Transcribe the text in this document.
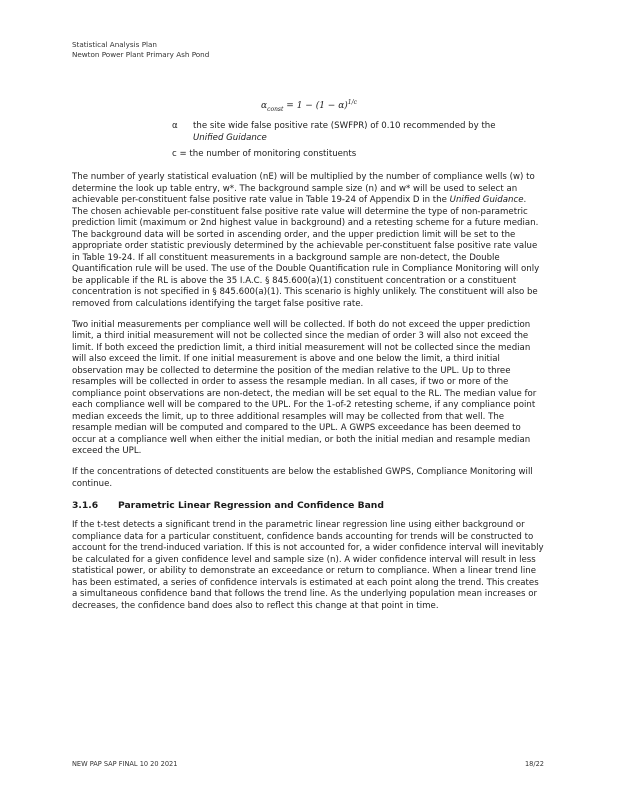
Statistical Analysis Plan
Newton Power Plant Primary Ash Pond
$\alpha_{const} = 1 - (1 - \alpha)^{1/c}$
α	the site wide false positive rate (SWFPR) of 0.10 recommended by the
Unified Guidance
c = the number of monitoring constituents

The number of yearly statistical evaluation (nE) will be multiplied by the number of compliance wells (w) to determine the look up table entry, w*. The background sample size (n) and w* will be used to select an achievable per-constituent false positive rate value in Table 19-24 of Appendix D in the Unified Guidance. The chosen achievable per-constituent false positive rate value will determine the type of non-parametric prediction limit (maximum or 2nd highest value in background) and a retesting scheme for a future median. The background data will be sorted in ascending order, and the upper prediction limit will be set to the appropriate order statistic previously determined by the achievable per-constituent false positive rate value in Table 19-24. If all constituent measurements in a background sample are non-detect, the Double Quantification rule will be used. The use of the Double Quantification rule in Compliance Monitoring will only be applicable if the RL is above the 35 I.A.C. § 845.600(a)(1) constituent concentration or a constituent concentration is not specified in § 845.600(a)(1). This scenario is highly unlikely. The constituent will also be removed from calculations identifying the target false positive rate.

Two initial measurements per compliance well will be collected. If both do not exceed the upper prediction limit, a third initial measurement will not be collected since the median of order 3 will also not exceed the limit. If both exceed the prediction limit, a third initial measurement will not be collected since the median will also exceed the limit. If one initial measurement is above and one below the limit, a third initial observation may be collected to determine the position of the median relative to the UPL. Up to three resamples will be collected in order to assess the resample median. In all cases, if two or more of the compliance point observations are non-detect, the median will be set equal to the RL. The median value for each compliance well will be compared to the UPL. For the 1-of-2 retesting scheme, if any compliance point median exceeds the limit, up to three additional resamples will may be collected from that well. The resample median will be computed and compared to the UPL. A GWPS exceedance has been deemed to occur at a compliance well when either the initial median, or both the initial median and resample median exceed the UPL.

If the concentrations of detected constituents are below the established GWPS, Compliance Monitoring will continue.

3.1.6	Parametric Linear Regression and Confidence Band

If the t-test detects a significant trend in the parametric linear regression line using either background or compliance data for a particular constituent, confidence bands accounting for trends will be constructed to account for the trend-induced variation. If this is not accounted for, a wider confidence interval will inevitably be calculated for a given confidence level and sample size (n). A wider confidence interval will result in less statistical power, or ability to demonstrate an exceedance or return to compliance. When a linear trend line has been estimated, a series of confidence intervals is estimated at each point along the trend. This creates a simultaneous confidence band that follows the trend line. As the underlying population mean increases or decreases, the confidence band does also to reflect this change at that point in time.

NEW PAP SAP FINAL 10 20 2021	18/22
